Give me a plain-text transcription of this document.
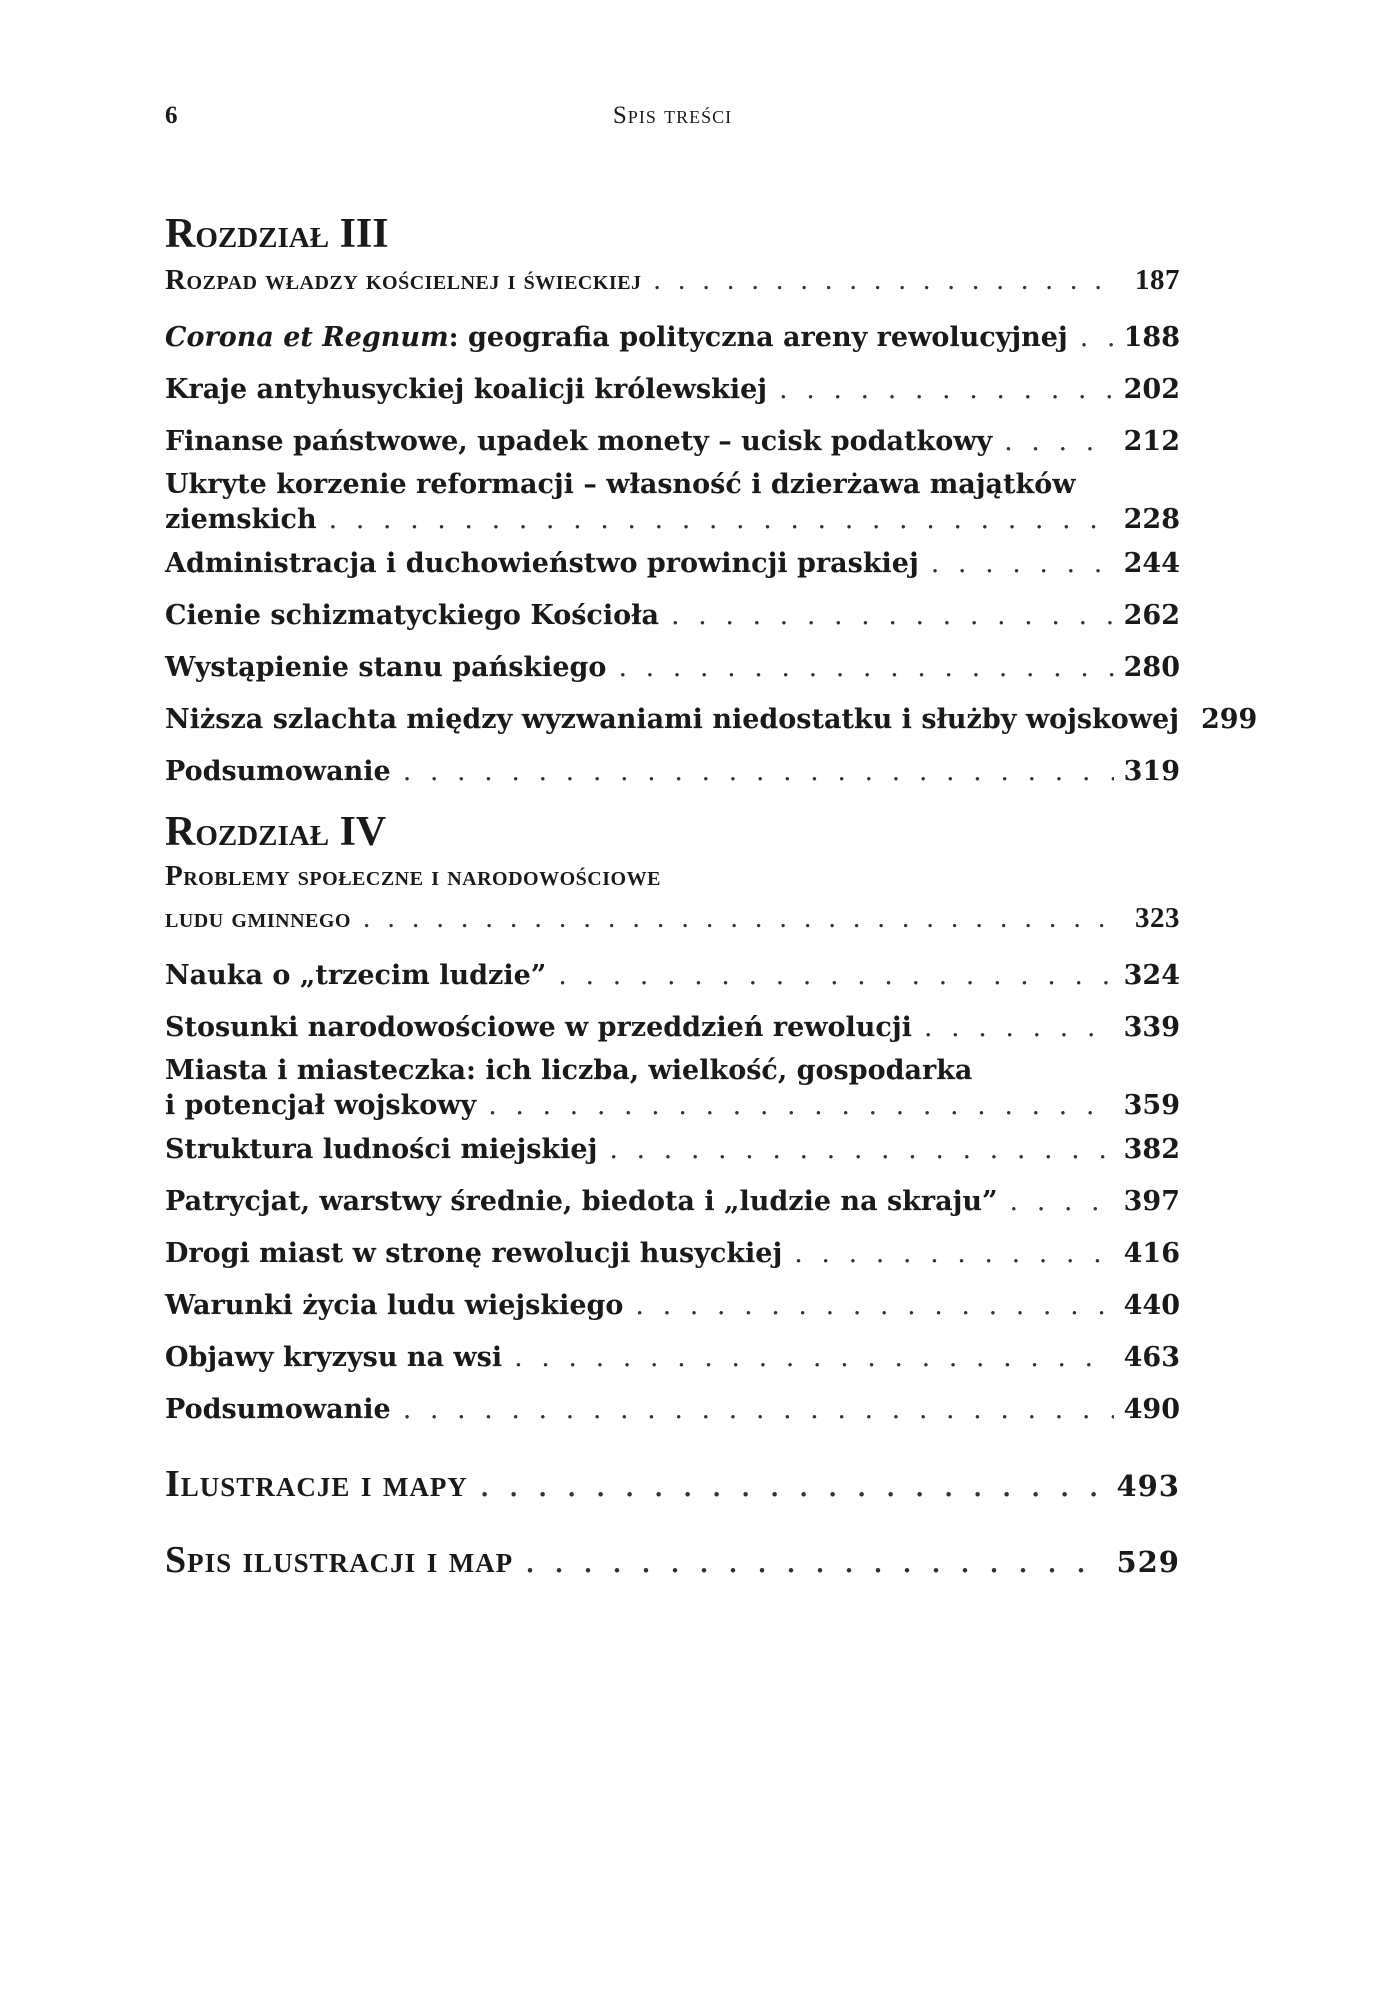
6	Spis treści
Rozdział III
Rozpad władzy kościelnej i świeckiej . . .	187
Corona et Regnum: geografia polityczna areny rewolucyjnej . . . 188
Kraje antyhusyckiej koalicji królewskiej . . .	202
Finanse państwowe, upadek monety – ucisk podatkowy . . .	212
Ukryte korzenie reformacji – własność i dzierżawa majątków
ziemskich . . .	228
Administracja i duchowieństwo prowincji praskiej . . .	244
Cienie schizmatyckiego Kościoła . . .	262
Wystąpienie stanu pańskiego . . .	280
Niższa szlachta między wyzwaniami niedostatku i służby wojskowej 299
Podsumowanie . . .	319
Rozdział IV
Problemy społeczne i narodowościowe
ludu gminnego . . .	323
Nauka o „trzecim ludzie” . . .	324
Stosunki narodowościowe w przeddzień rewolucji . . .	339
Miasta i miasteczka: ich liczba, wielkość, gospodarka
i potencjał wojskowy . . .	359
Struktura ludności miejskiej . . .	382
Patrycjat, warstwy średnie, biedota i „ludzie na skraju” . . .	397
Drogi miast w stronę rewolucji husyckiej . . .	416
Warunki życia ludu wiejskiego . . .	440
Objawy kryzysu na wsi . . .	463
Podsumowanie . . .	490
Ilustracje i mapy . . .	493
Spis ilustracji i map . . .	529
